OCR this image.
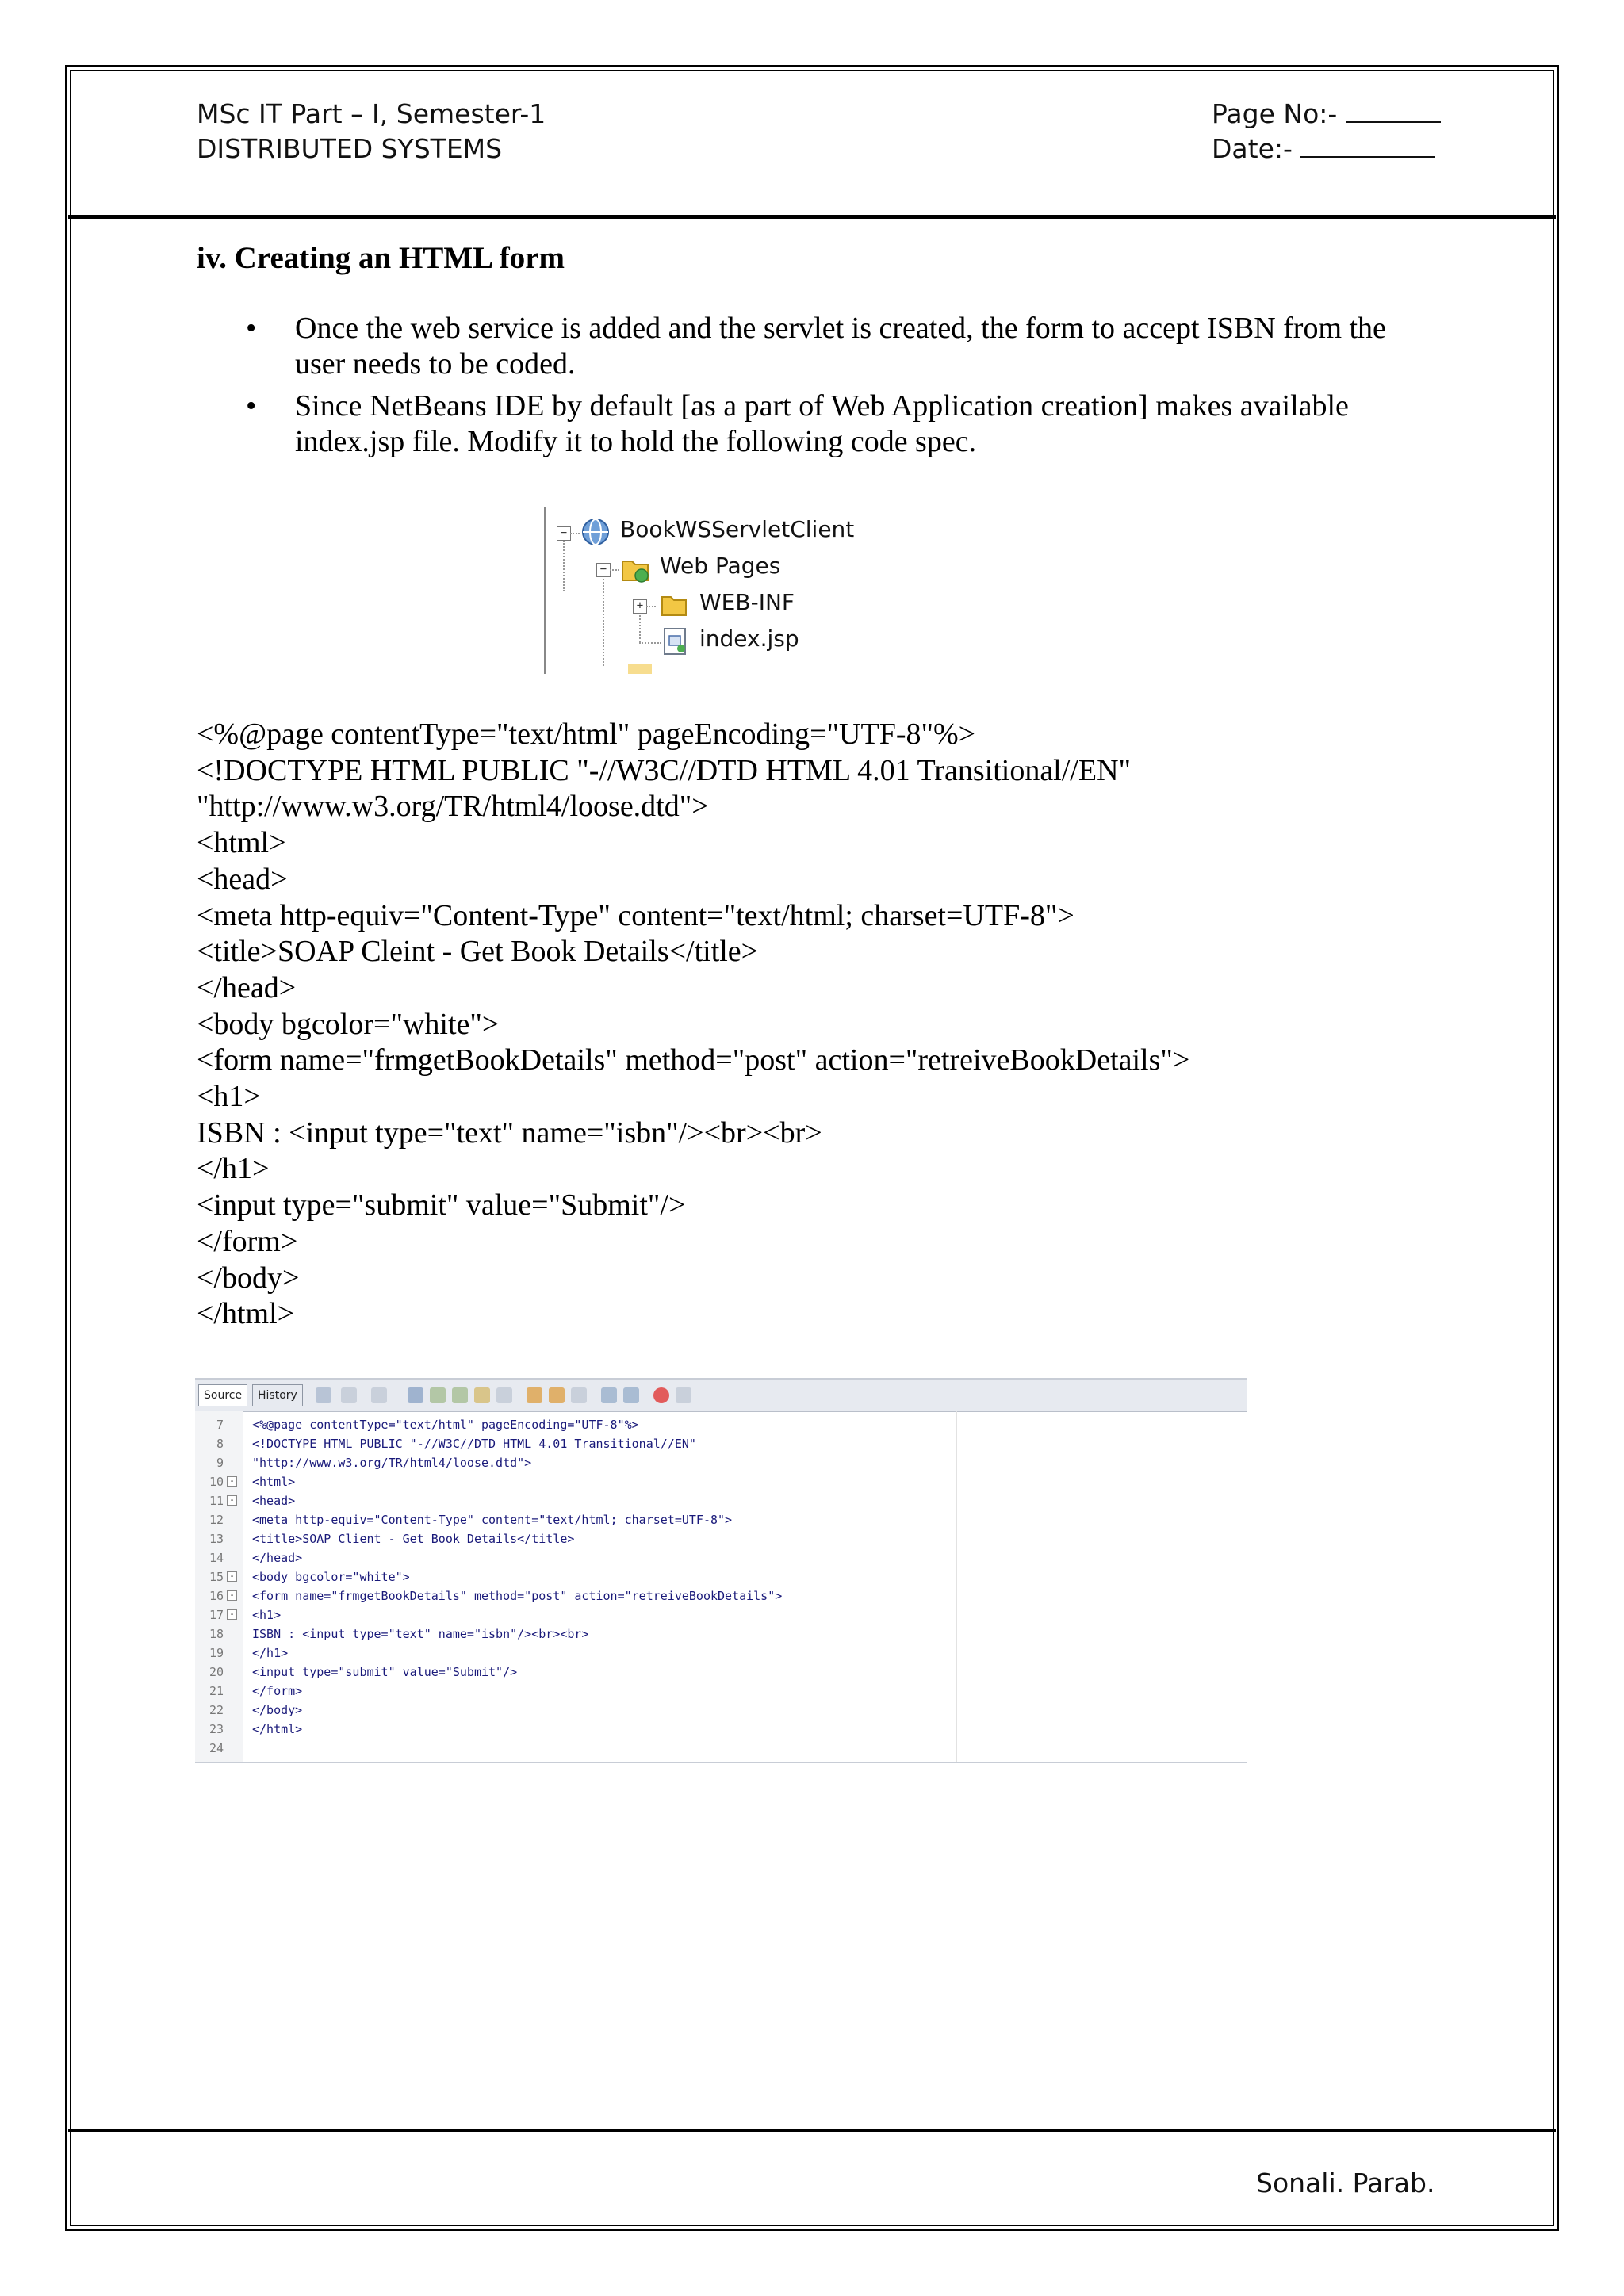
MSc IT Part – I, Semester-1
DISTRIBUTED SYSTEMS
Page No:-
Date:-
iv. Creating an HTML form
• Once the web service is added and the servlet is created, the form to accept ISBN from the user needs to be coded.
• Since NetBeans IDE by default [as a part of Web Application creation] makes available index.jsp file. Modify it to hold the following code spec.
− BookWSServletClient
− Web Pages
+	WEB-INF
index.jsp
<%@page contentType="text/html" pageEncoding="UTF-8"%>
<!DOCTYPE HTML PUBLIC "-//W3C//DTD HTML 4.01 Transitional//EN"
"http://www.w3.org/TR/html4/loose.dtd">
<html>
<head>
<meta http-equiv="Content-Type" content="text/html; charset=UTF-8">
<title>SOAP Cleint - Get Book Details</title>
</head>
<body bgcolor="white">
<form name="frmgetBookDetails" method="post" action="retreiveBookDetails">
<h1>
ISBN : <input type="text" name="isbn"/><br><br>
</h1>
<input type="submit" value="Submit"/>
</form>
</body>
</html>
Source	History
7 <%@page contentType="text/html" pageEncoding="UTF-8"%>
8 <!DOCTYPE HTML PUBLIC "-//W3C//DTD HTML 4.01 Transitional//EN"
9 "http://www.w3.org/TR/html4/loose.dtd">
10 - <html>
11 - <head>
12 <meta http-equiv="Content-Type" content="text/html; charset=UTF-8">
13 <title>SOAP Client - Get Book Details</title>
14 </head>
15 - <body bgcolor="white">
16 - <form name="frmgetBookDetails" method="post" action="retreiveBookDetails">
17 - <h1>
18 ISBN : <input type="text" name="isbn"/><br><br>
19 </h1>
20 <input type="submit" value="Submit"/>
21 </form>
22 </body>
23 </html>
24
Sonali. Parab.
